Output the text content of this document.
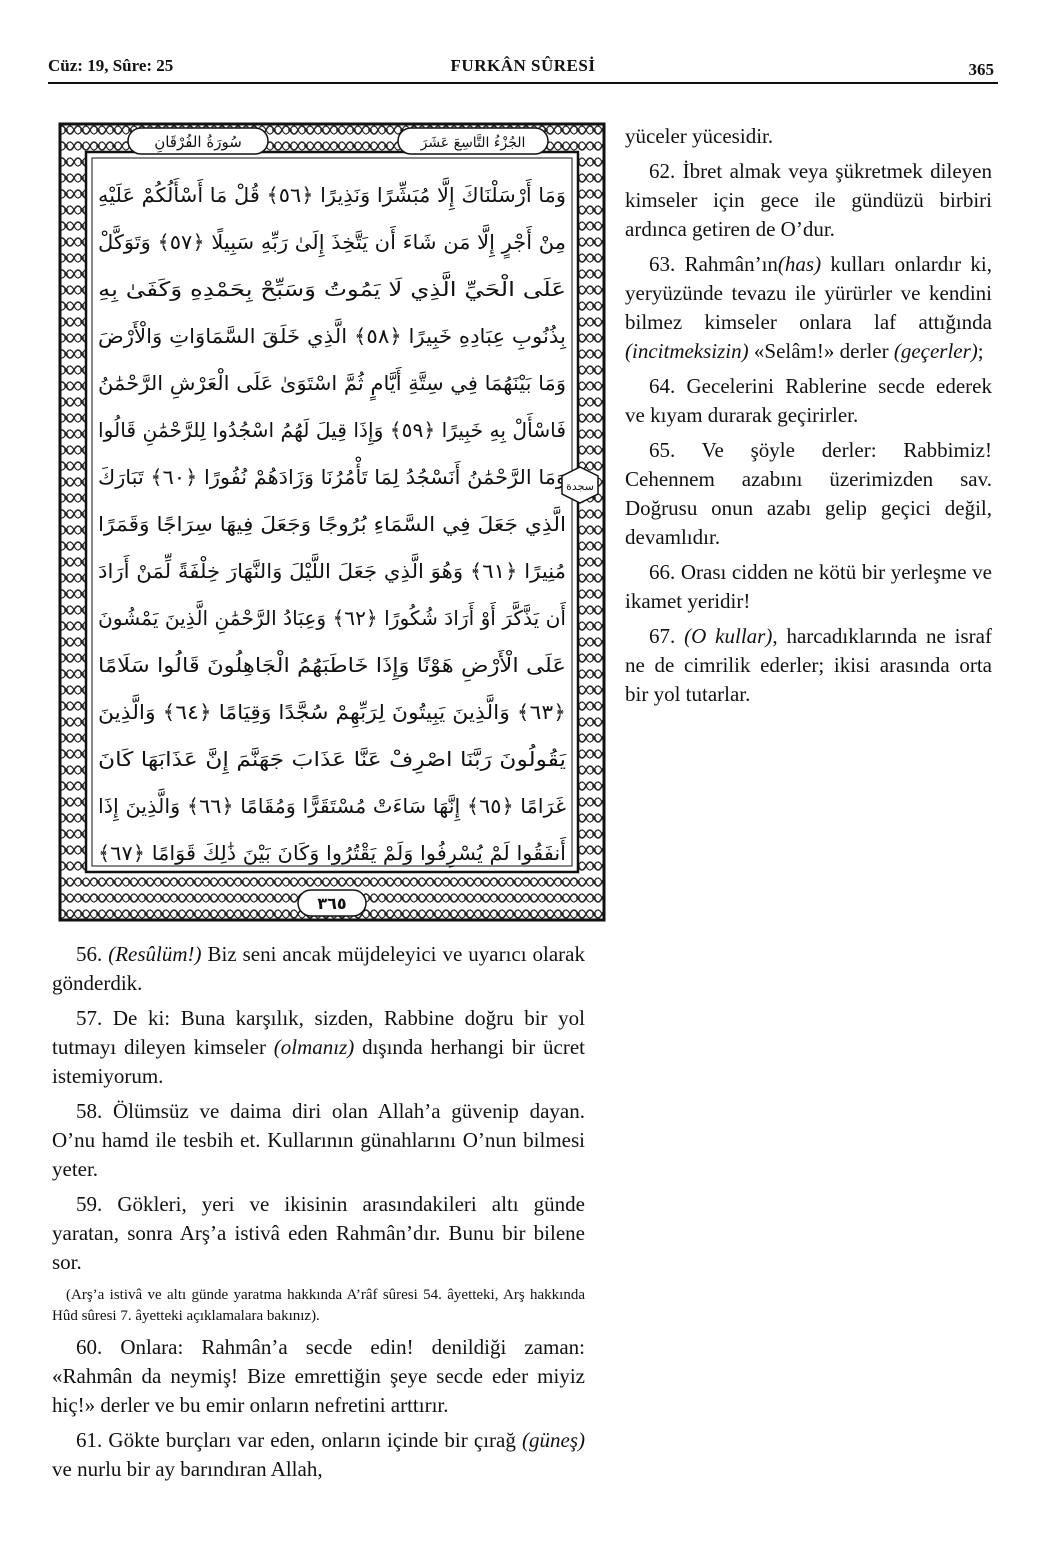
Cüz: 19, Sûre: 25	FURKÂN SÛRESİ	365
سُورَةُ الفُرْقَانِ	الجُزْءُ التَّاسِعَ عَشَرَ
٣٦٥
وَمَا أَرْسَلْنَاكَ إِلَّا مُبَشِّرًا وَنَذِيرًا ﴿٥٦﴾ قُلْ مَا أَسْأَلُكُمْ عَلَيْهِ
مِنْ أَجْرٍ إِلَّا مَن شَاءَ أَن يَتَّخِذَ إِلَىٰ رَبِّهِ سَبِيلًا ﴿٥٧﴾ وَتَوَكَّلْ
عَلَى الْحَيِّ الَّذِي لَا يَمُوتُ وَسَبِّحْ بِحَمْدِهِ وَكَفَىٰ بِهِ
بِذُنُوبِ عِبَادِهِ خَبِيرًا ﴿٥٨﴾ الَّذِي خَلَقَ السَّمَاوَاتِ وَالْأَرْضَ
وَمَا بَيْنَهُمَا فِي سِتَّةِ أَيَّامٍ ثُمَّ اسْتَوَىٰ عَلَى الْعَرْشِ الرَّحْمَٰنُ
فَاسْأَلْ بِهِ خَبِيرًا ﴿٥٩﴾ وَإِذَا قِيلَ لَهُمُ اسْجُدُوا لِلرَّحْمَٰنِ قَالُوا
وَمَا الرَّحْمَٰنُ أَنَسْجُدُ لِمَا تَأْمُرُنَا وَزَادَهُمْ نُفُورًا ﴿٦٠﴾ تَبَارَكَ
الَّذِي جَعَلَ فِي السَّمَاءِ بُرُوجًا وَجَعَلَ فِيهَا سِرَاجًا وَقَمَرًا
مُنِيرًا ﴿٦١﴾ وَهُوَ الَّذِي جَعَلَ اللَّيْلَ وَالنَّهَارَ خِلْفَةً لِّمَنْ أَرَادَ
أَن يَذَّكَّرَ أَوْ أَرَادَ شُكُورًا ﴿٦٢﴾ وَعِبَادُ الرَّحْمَٰنِ الَّذِينَ يَمْشُونَ
عَلَى الْأَرْضِ هَوْنًا وَإِذَا خَاطَبَهُمُ الْجَاهِلُونَ قَالُوا سَلَامًا
﴿٦٣﴾ وَالَّذِينَ يَبِيتُونَ لِرَبِّهِمْ سُجَّدًا وَقِيَامًا ﴿٦٤﴾ وَالَّذِينَ
يَقُولُونَ رَبَّنَا اصْرِفْ عَنَّا عَذَابَ جَهَنَّمَ إِنَّ عَذَابَهَا كَانَ
غَرَامًا ﴿٦٥﴾ إِنَّهَا سَاءَتْ مُسْتَقَرًّا وَمُقَامًا ﴿٦٦﴾ وَالَّذِينَ إِذَا
أَنفَقُوا لَمْ يُسْرِفُوا وَلَمْ يَقْتُرُوا وَكَانَ بَيْنَ ذَٰلِكَ قَوَامًا ﴿٦٧﴾
سجدة

yüceler yücesidir.

62. İbret almak veya şükretmek dileyen kimseler için gece ile gündüzü birbiri ardınca getiren de O’dur.

63. Rahmân’ın(has) kulları onlardır ki, yeryüzünde tevazu ile yürürler ve kendini bilmez kimseler onlara laf attığında (incitmeksizin) «Selâm!» derler (geçerler);

64. Gecelerini Rablerine secde ederek ve kıyam durarak geçirirler.

65. Ve şöyle derler: Rabbimiz! Cehennem azabını üzerimizden sav. Doğrusu onun azabı gelip geçici değil, devamlıdır.

66. Orası cidden ne kötü bir yerleşme ve ikamet yeridir!

67. (O kullar), harcadıklarında ne israf ne de cimrilik ederler; ikisi arasında orta bir yol tutarlar.

56. (Resûlüm!) Biz seni ancak müjdeleyici ve uyarıcı olarak gönderdik.

57. De ki: Buna karşılık, sizden, Rabbine doğru bir yol tutmayı dileyen kimseler (olmanız) dışında herhangi bir ücret istemiyorum.

58. Ölümsüz ve daima diri olan Allah’a güvenip dayan. O’nu hamd ile tesbih et. Kullarının günahlarını O’nun bilmesi yeter.

59. Gökleri, yeri ve ikisinin arasındakileri altı günde yaratan, sonra Arş’a istivâ eden Rahmân’dır. Bunu bir bilene sor.

(Arş’a istivâ ve altı günde yaratma hakkında A’râf sûresi 54. âyetteki, Arş hakkında Hûd sûresi 7. âyetteki açıklamalara bakınız).

60. Onlara: Rahmân’a secde edin! denildiği zaman: «Rahmân da neymiş! Bize emrettiğin şeye secde eder miyiz hiç!» derler ve bu emir onların nefretini arttırır.

61. Gökte burçları var eden, onların içinde bir çırağ (güneş) ve nurlu bir ay barındıran Allah,
